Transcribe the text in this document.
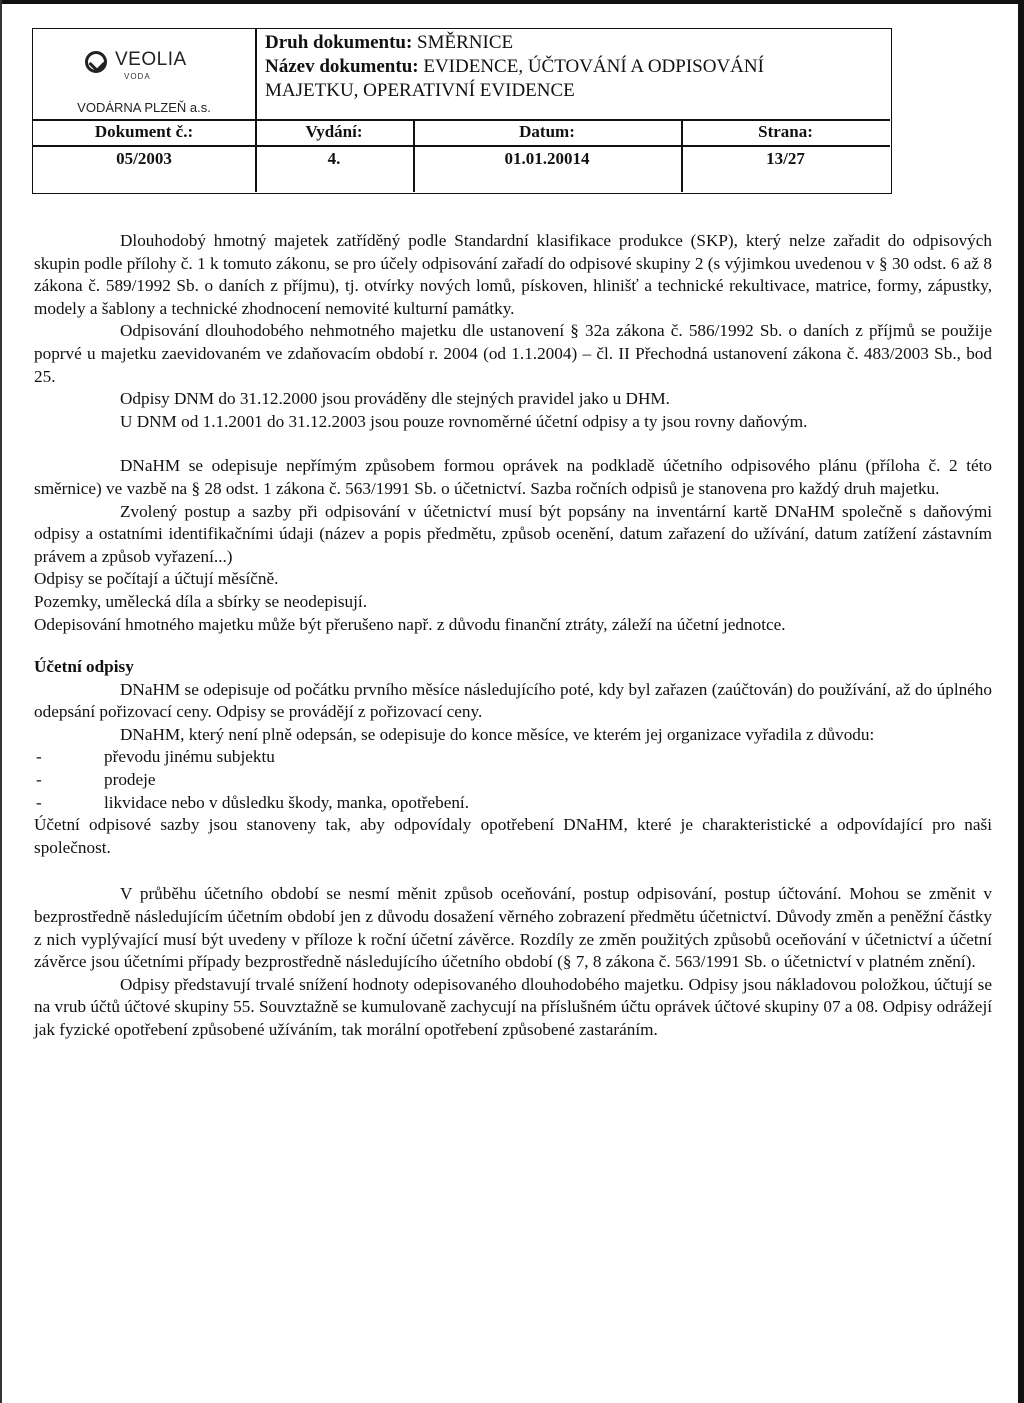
VEOLIA
VODA
VODÁRNA PLZEŇ a.s.
Druh dokumentu: SMĚRNICE
Název dokumentu: EVIDENCE, ÚČTOVÁNÍ A ODPISOVÁNÍ
MAJETKU, OPERATIVNÍ EVIDENCE
Dokument č.:	Vydání:	Datum:	Strana:
05/2003	4.	01.01.20014	13/27

Dlouhodobý hmotný majetek zatříděný podle Standardní klasifikace produkce (SKP), který nelze zařadit do odpisových skupin podle přílohy č. 1 k tomuto zákonu, se pro účely odpisování zařadí do odpisové skupiny 2 (s výjimkou uvedenou v § 30 odst. 6 až 8 zákona č. 589/1992 Sb. o daních z příjmu), tj. otvírky nových lomů, pískoven, hlinišť a technické rekultivace, matrice, formy, zápustky, modely a šablony a technické zhodnocení nemovité kulturní památky.

Odpisování dlouhodobého nehmotného majetku dle ustanovení § 32a zákona č. 586/1992 Sb. o daních z příjmů se použije poprvé u majetku zaevidovaném ve zdaňovacím období r. 2004 (od 1.1.2004) – čl. II Přechodná ustanovení zákona č. 483/2003 Sb., bod 25.

Odpisy DNM do 31.12.2000 jsou prováděny dle stejných pravidel jako u DHM.

U DNM od 1.1.2001 do 31.12.2003 jsou pouze rovnoměrné účetní odpisy a ty jsou rovny daňovým.

DNaHM se odepisuje nepřímým způsobem formou oprávek na podkladě účetního odpisového plánu (příloha č. 2 této směrnice) ve vazbě na § 28 odst. 1 zákona č. 563/1991 Sb. o účetnictví. Sazba ročních odpisů je stanovena pro každý druh majetku.

Zvolený postup a sazby při odpisování v účetnictví musí být popsány na inventární kartě DNaHM společně s daňovými odpisy a ostatními identifikačními údaji (název a popis předmětu, způsob ocenění, datum zařazení do užívání, datum zatížení zástavním právem a způsob vyřazení...)

Odpisy se počítají a účtují měsíčně.

Pozemky, umělecká díla a sbírky se neodepisují.

Odepisování hmotného majetku může být přerušeno např. z důvodu finanční ztráty, záleží na účetní jednotce.

Účetní odpisy

DNaHM se odepisuje od počátku prvního měsíce následujícího poté, kdy byl zařazen (zaúčtován) do používání, až do úplného odepsání pořizovací ceny. Odpisy se provádějí z pořizovací ceny.

DNaHM, který není plně odepsán, se odepisuje do konce měsíce, ve kterém jej organizace vyřadila z důvodu:

- převodu jinému subjektu
- prodeje
- likvidace nebo v důsledku škody, manka, opotřebení.

Účetní odpisové sazby jsou stanoveny tak, aby odpovídaly opotřebení DNaHM, které je charakteristické a odpovídající pro naši společnost.

V průběhu účetního období se nesmí měnit způsob oceňování, postup odpisování, postup účtování. Mohou se změnit v bezprostředně následujícím účetním období jen z důvodu dosažení věrného zobrazení předmětu účetnictví. Důvody změn a peněžní částky z nich vyplývající musí být uvedeny v příloze k roční účetní závěrce. Rozdíly ze změn použitých způsobů oceňování v účetnictví a účetní závěrce jsou účetními případy bezprostředně následujícího účetního období (§ 7, 8 zákona č. 563/1991 Sb. o účetnictví v platném znění).

Odpisy představují trvalé snížení hodnoty odepisovaného dlouhodobého majetku. Odpisy jsou nákladovou položkou, účtují se na vrub účtů účtové skupiny 55. Souvztažně se kumulovaně zachycují na příslušném účtu oprávek účtové skupiny 07 a 08. Odpisy odrážejí jak fyzické opotřebení způsobené užíváním, tak morální opotřebení způsobené zastaráním.
